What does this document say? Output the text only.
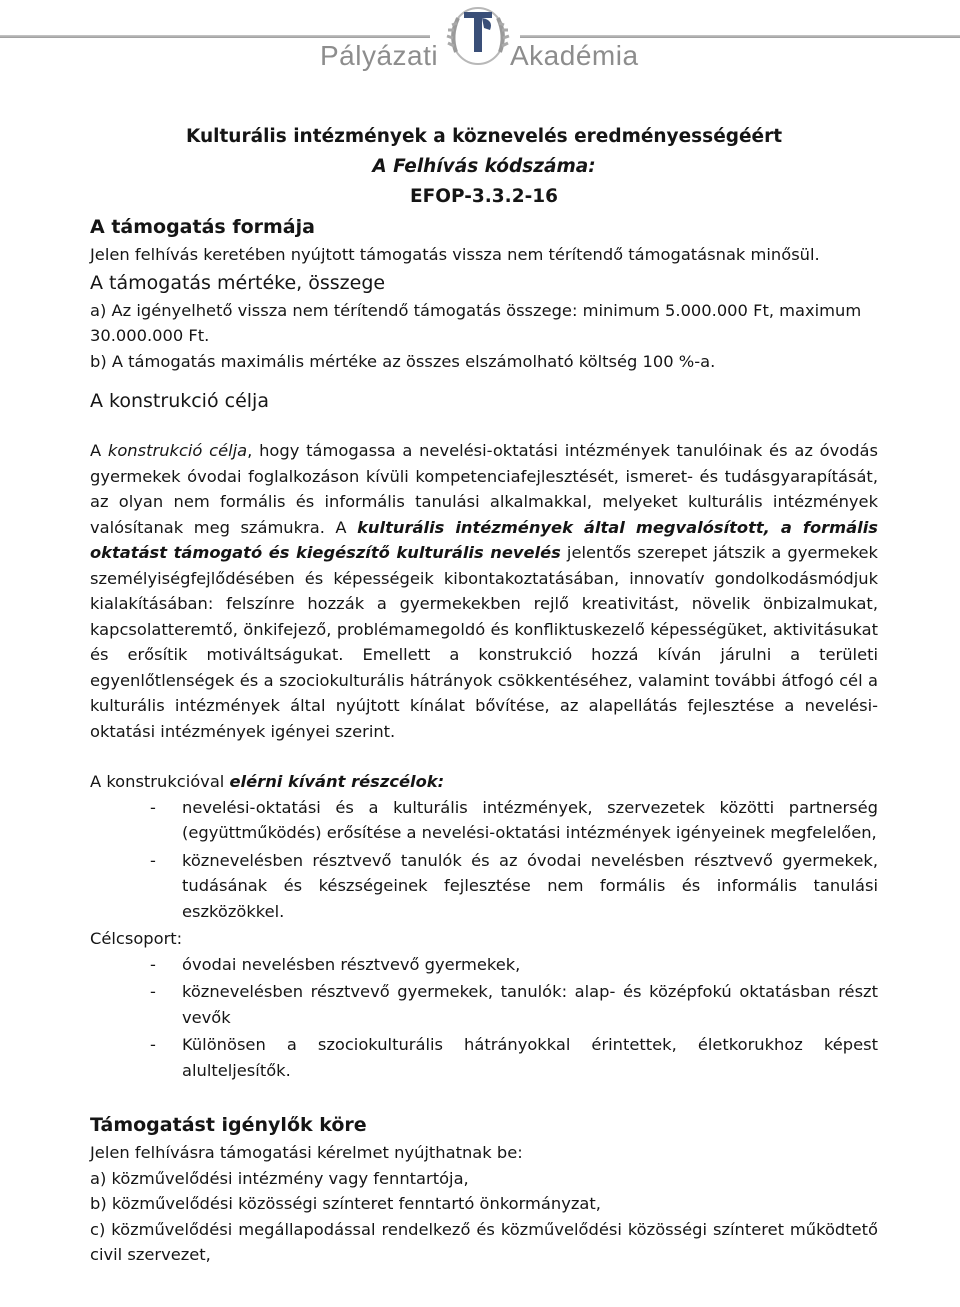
Pályázati	Akadémia
Kulturális intézmények a köznevelés eredményességéért
A Felhívás kódszáma:
EFOP-3.3.2-16
A támogatás formája

Jelen felhívás keretében nyújtott támogatás vissza nem térítendő támogatásnak minősül.

A támogatás mértéke, összege

a) Az igényelhető vissza nem térítendő támogatás összege: minimum 5.000.000 Ft, maximum 30.000.000 Ft.

b) A támogatás maximális mértéke az összes elszámolható költség 100 %-a.

A konstrukció célja

A konstrukció célja, hogy támogassa a nevelési-oktatási intézmények tanulóinak és az óvodás gyermekek óvodai foglalkozáson kívüli kompetenciafejlesztését, ismeret- és tudásgyarapítását, az olyan nem formális és informális tanulási alkalmakkal, melyeket kulturális intézmények valósítanak meg számukra. A kulturális intézmények által megvalósított, a formális oktatást támogató és kiegészítő kulturális nevelés jelentős szerepet játszik a gyermekek személyiségfejlődésében és képességeik kibontakoztatásában, innovatív gondolkodásmódjuk kialakításában: felszínre hozzák a gyermekekben rejlő kreativitást, növelik önbizalmukat, kapcsolatteremtő, önkifejező, problémamegoldó és konfliktuskezelő képességüket, aktivitásukat és erősítik motiváltságukat. Emellett a konstrukció hozzá kíván járulni a területi egyenlőtlenségek és a szociokulturális hátrányok csökkentéséhez, valamint további átfogó cél a kulturális intézmények által nyújtott kínálat bővítése, az alapellátás fejlesztése a nevelési-oktatási intézmények igényei szerint.

A konstrukcióval elérni kívánt részcélok:

- nevelési-oktatási és a kulturális intézmények, szervezetek közötti partnerség (együttműködés) erősítése a nevelési-oktatási intézmények igényeinek megfelelően,
- köznevelésben résztvevő tanulók és az óvodai nevelésben résztvevő gyermekek, tudásának és készségeinek fejlesztése nem formális és informális tanulási eszközökkel.

Célcsoport:

- óvodai nevelésben résztvevő gyermekek,
- köznevelésben résztvevő gyermekek, tanulók: alap- és középfokú oktatásban részt vevők
- Különösen a szociokulturális hátrányokkal érintettek, életkorukhoz képest alulteljesítők.
Támogatást igénylők köre

Jelen felhívásra támogatási kérelmet nyújthatnak be:

a) közművelődési intézmény vagy fenntartója,

b) közművelődési közösségi színteret fenntartó önkormányzat,

c) közművelődési megállapodással rendelkező és közművelődési közösségi színteret működtető civil szervezet,
